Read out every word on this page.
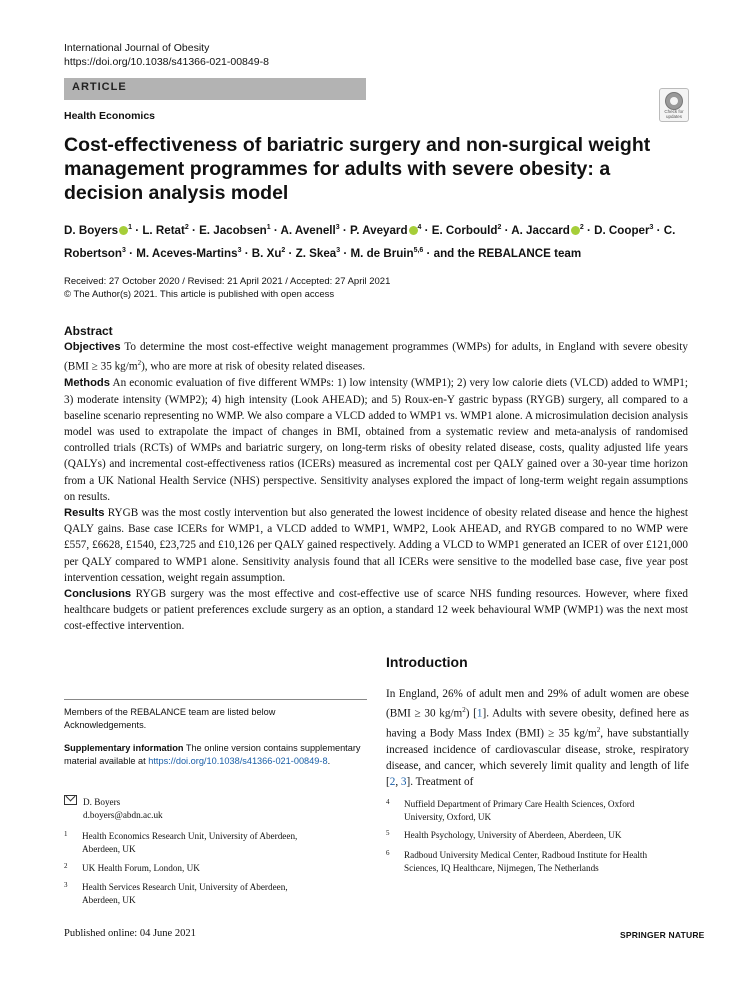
International Journal of Obesity
https://doi.org/10.1038/s41366-021-00849-8
ARTICLE
Health Economics	Check for updates
Cost-effectiveness of bariatric surgery and non-surgical weight management programmes for adults with severe obesity: a decision analysis model
D. Boyers $^1$ · L. Retat$^2$ · E. Jacobsen$^1$ · A. Avenell$^3$ · P. Aveyard $^4$ · E. Corbould$^2$ · A. Jaccard $^2$ · D. Cooper$^3$ · C. Robertson$^3$ · M. Aceves-Martins$^3$ · B. $Xu^2 \cdot Z$. Skea$^3$ · M. de Bruin$^{5,6}$ · and the REBALANCE team
Received: 27 October 2020 / Revised: 21 April 2021 / Accepted: 27 April 2021
© The Author(s) 2021. This article is published with open access
Abstract

Objectives To determine the most cost-effective weight management programmes (WMPs) for adults, in England with severe obesity (BMI ≥ 35 $kg/m^2$), who are more at risk of obesity related diseases.

Methods An economic evaluation of five different WMPs: 1) low intensity (WMP1); 2) very low calorie diets (VLCD) added to WMP1; 3) moderate intensity (WMP2); 4) high intensity (Look AHEAD); and 5) Roux-en-Y gastric bypass (RYGB) surgery, all compared to a baseline scenario representing no WMP. We also compare a VLCD added to WMP1 vs. WMP1 alone. A microsimulation decision analysis model was used to extrapolate the impact of changes in BMI, obtained from a systematic review and meta-analysis of randomised controlled trials (RCTs) of WMPs and bariatric surgery, on long-term risks of obesity related disease, costs, quality adjusted life years (QALYs) and incremental cost-effectiveness ratios (ICERs) measured as incremental cost per QALY gained over a 30-year time horizon from a UK National Health Service (NHS) perspective. Sensitivity analyses explored the impact of long-term weight regain assumptions on results.

Results RYGB was the most costly intervention but also generated the lowest incidence of obesity related disease and hence the highest QALY gains. Base case ICERs for WMP1, a VLCD added to WMP1, WMP2, Look AHEAD, and RYGB compared to no WMP were £557, £6628, £1540, £23,725 and £10,126 per QALY gained respectively. Adding a VLCD to WMP1 generated an ICER of over £121,000 per QALY compared to WMP1 alone. Sensitivity analysis found that all ICERs were sensitive to the modelled base case, five year post intervention cessation, weight regain assumption.

Conclusions RYGB surgery was the most effective and cost-effective use of scarce NHS funding resources. However, where fixed healthcare budgets or patient preferences exclude surgery as an option, a standard 12 week behavioural WMP (WMP1) was the next most cost-effective intervention.

Introduction
In England, 26% of adult men and 29% of adult women are obese (BMI ≥ 30 $kg/m^2$) [1]. Adults with severe obesity, defined here as having a Body Mass Index (BMI) ≥ 35 $kg/m^2$, have substantially increased incidence of cardiovascular disease, stroke, respiratory disease, and cancer, which severely limit quality and length of life [2, 3]. Treatment of
Members of the REBALANCE team are listed below Acknowledgements.
Supplementary information The online version contains supplementary material available at https://doi.org/10.1038/s41366-021-00849-8.
D. Boyers
d.boyers@abdn.ac.uk
1 Health Economics Research Unit, University of Aberdeen,
Aberdeen, UK
2 UK Health Forum, London, UK
3 Health Services Research Unit, University of Aberdeen,
Aberdeen, UK
4 Nuffield Department of Primary Care Health Sciences, Oxford
University, Oxford, UK
5 Health Psychology, University of Aberdeen, Aberdeen, UK
6 Radboud University Medical Center, Radboud Institute for Health
Sciences, IQ Healthcare, Nijmegen, The Netherlands
Published online: 04 June 2021	SPRINGER NATURE
